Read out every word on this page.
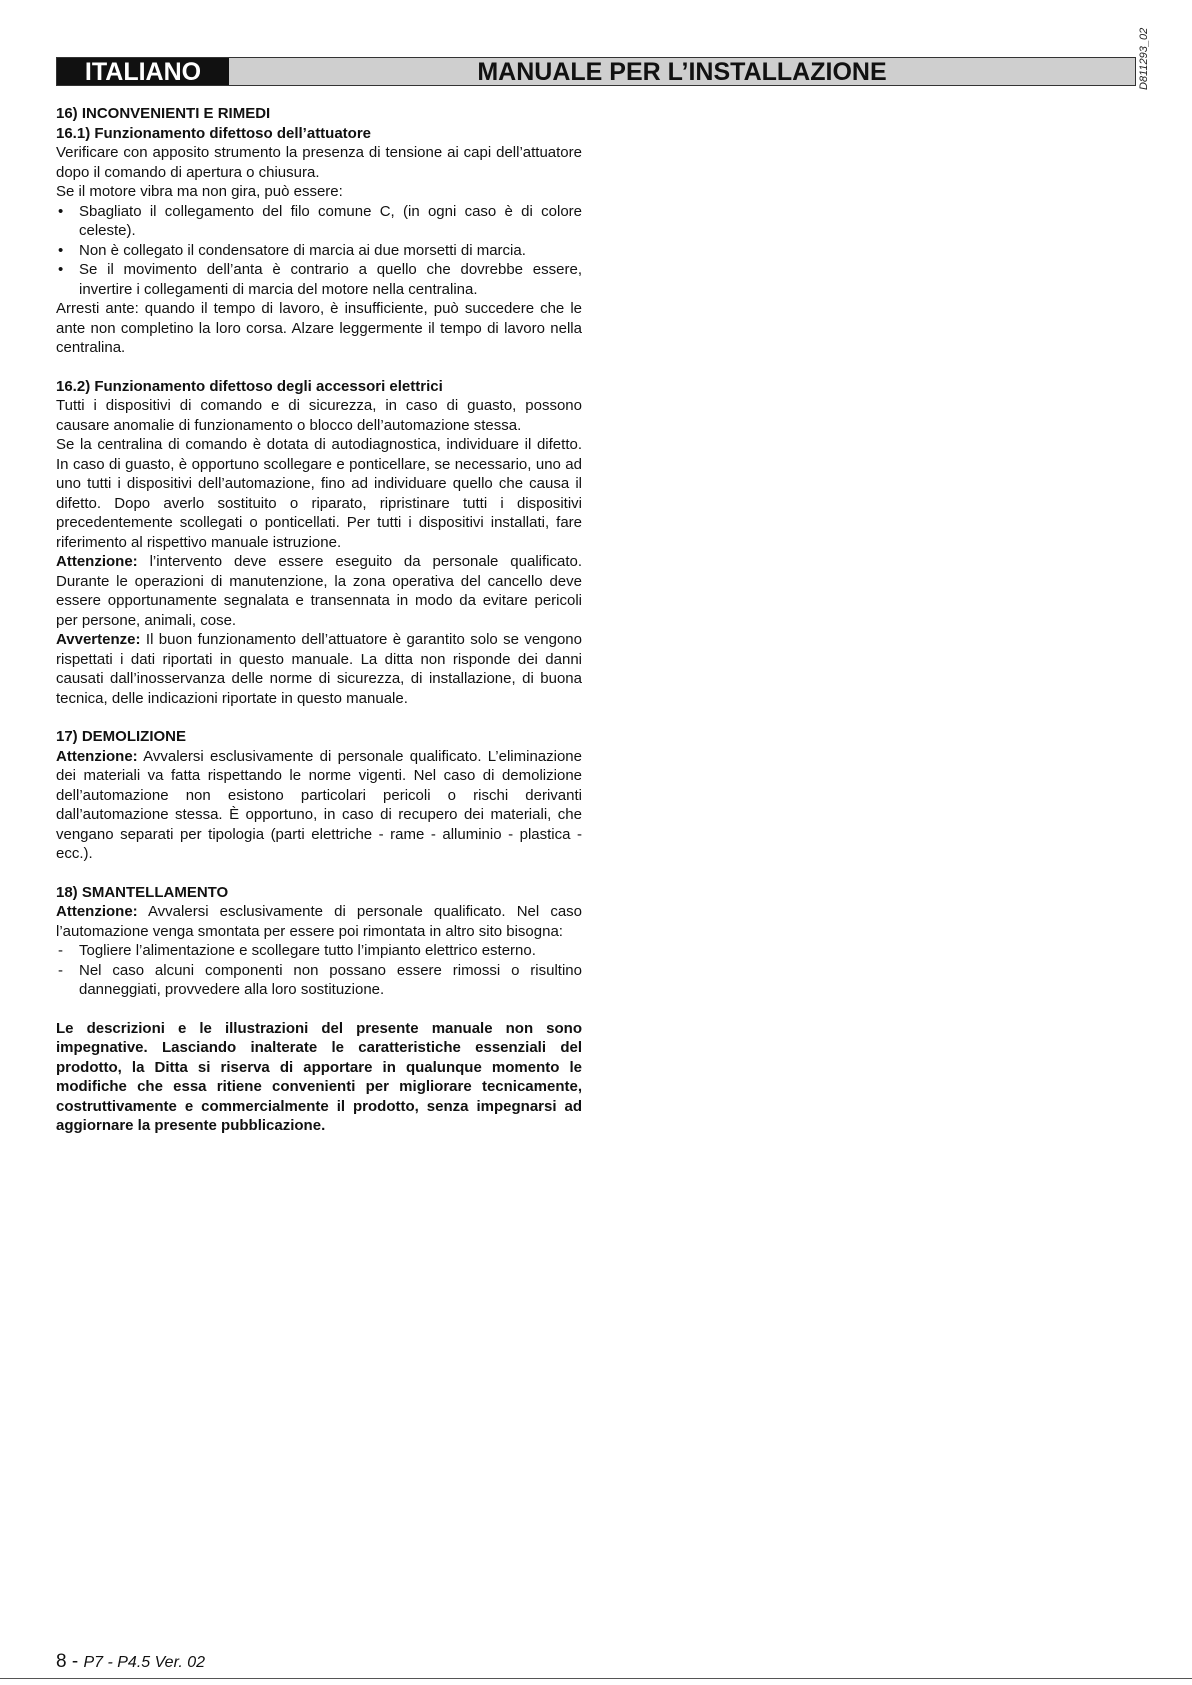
ITALIANO	MANUALE PER L’INSTALLAZIONE	D811293_02

16) INCONVENIENTI E RIMEDI

16.1) Funzionamento difettoso dell’attuatore

Verificare con apposito strumento la presenza di tensione ai capi dell’attuatore dopo il comando di apertura o chiusura.

Se il motore vibra ma non gira, può essere:

• Sbagliato il collegamento del filo comune C, (in ogni caso è di colore celeste).
• Non è collegato il condensatore di marcia ai due morsetti di marcia.
• Se il movimento dell’anta è contrario a quello che dovrebbe essere, invertire i collegamenti di marcia del motore nella centralina.

Arresti ante: quando il tempo di lavoro, è insufficiente, può succedere che le ante non completino la loro corsa. Alzare leggermente il tempo di lavoro nella centralina.

16.2) Funzionamento difettoso degli accessori elettrici

Tutti i dispositivi di comando e di sicurezza, in caso di guasto, possono causare anomalie di funzionamento o blocco dell’automazione stessa.

Se la centralina di comando è dotata di autodiagnostica, individuare il difetto. In caso di guasto, è opportuno scollegare e ponticellare, se necessario, uno ad uno tutti i dispositivi dell’automazione, fino ad individuare quello che causa il difetto. Dopo averlo sostituito o riparato, ripristinare tutti i dispositivi precedentemente scollegati o ponticellati. Per tutti i dispositivi installati, fare riferimento al rispettivo manuale istruzione.

Attenzione: l’intervento deve essere eseguito da personale qualificato. Durante le operazioni di manutenzione, la zona operativa del cancello deve essere opportunamente segnalata e transennata in modo da evitare pericoli per persone, animali, cose.

Avvertenze: Il buon funzionamento dell’attuatore è garantito solo se vengono rispettati i dati riportati in questo manuale. La ditta non risponde dei danni causati dall’inosservanza delle norme di sicurezza, di installazione, di buona tecnica, delle indicazioni riportate in questo manuale.

17) DEMOLIZIONE

Attenzione: Avvalersi esclusivamente di personale qualificato. L’eliminazione dei materiali va fatta rispettando le norme vigenti. Nel caso di demolizione dell’automazione non esistono particolari pericoli o rischi derivanti dall’automazione stessa. È opportuno, in caso di recupero dei materiali, che vengano separati per tipologia (parti elettriche - rame - alluminio - plastica - ecc.).

18) SMANTELLAMENTO

Attenzione: Avvalersi esclusivamente di personale qualificato. Nel caso l’automazione venga smontata per essere poi rimontata in altro sito bisogna:

- Togliere l’alimentazione e scollegare tutto l’impianto elettrico esterno.
- Nel caso alcuni componenti non possano essere rimossi o risultino danneggiati, provvedere alla loro sostituzione.

Le descrizioni e le illustrazioni del presente manuale non sono impegnative. Lasciando inalterate le caratteristiche essenziali del prodotto, la Ditta si riserva di apportare in qualunque momento le modifiche che essa ritiene convenienti per migliorare tecnicamente, costruttivamente e commercialmente il prodotto, senza impegnarsi ad aggiornare la presente pubblicazione.

8 - P7 - P4.5 Ver. 02
